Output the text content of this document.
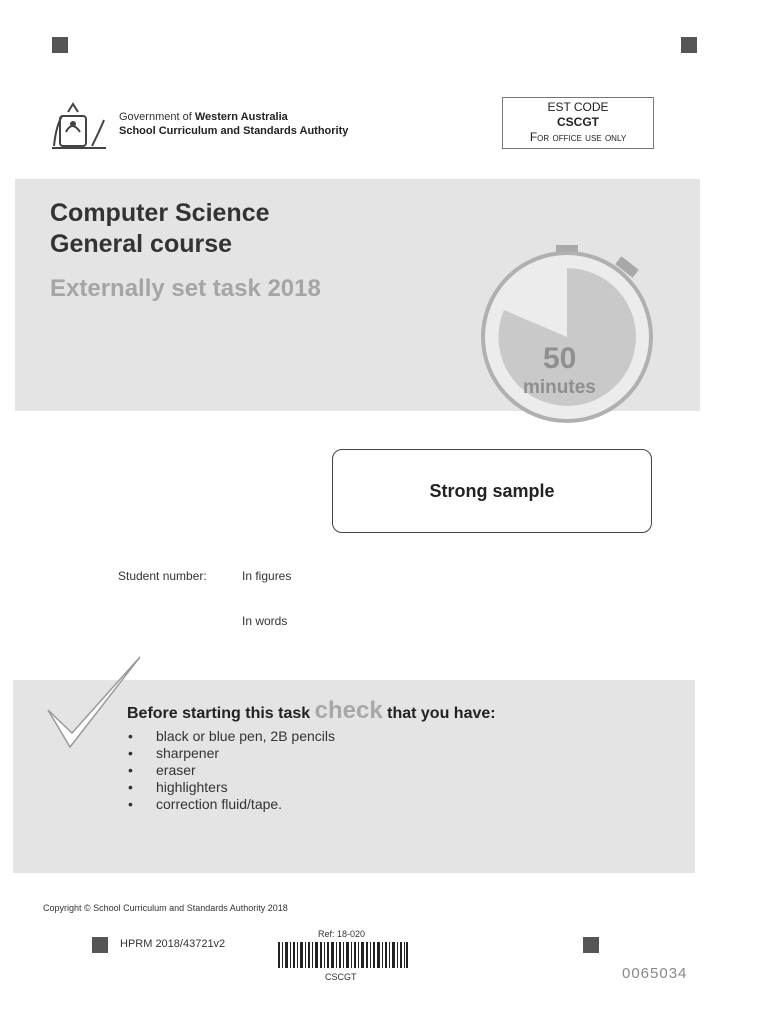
Government of Western Australia
School Curriculum and Standards Authority
EST CODE
CSCGT
For office use only
Computer Science
General course
Externally set task 2018
50
minutes
Strong sample
Student number:	In figures
In words
Before starting this task check that you have:
• black or blue pen, 2B pencils
• sharpener
• eraser
• highlighters
• correction fluid/tape.
Copyright © School Curriculum and Standards Authority 2018
HPRM 2018/43721v2
Ref: 18-020
CSCGT	0065034
